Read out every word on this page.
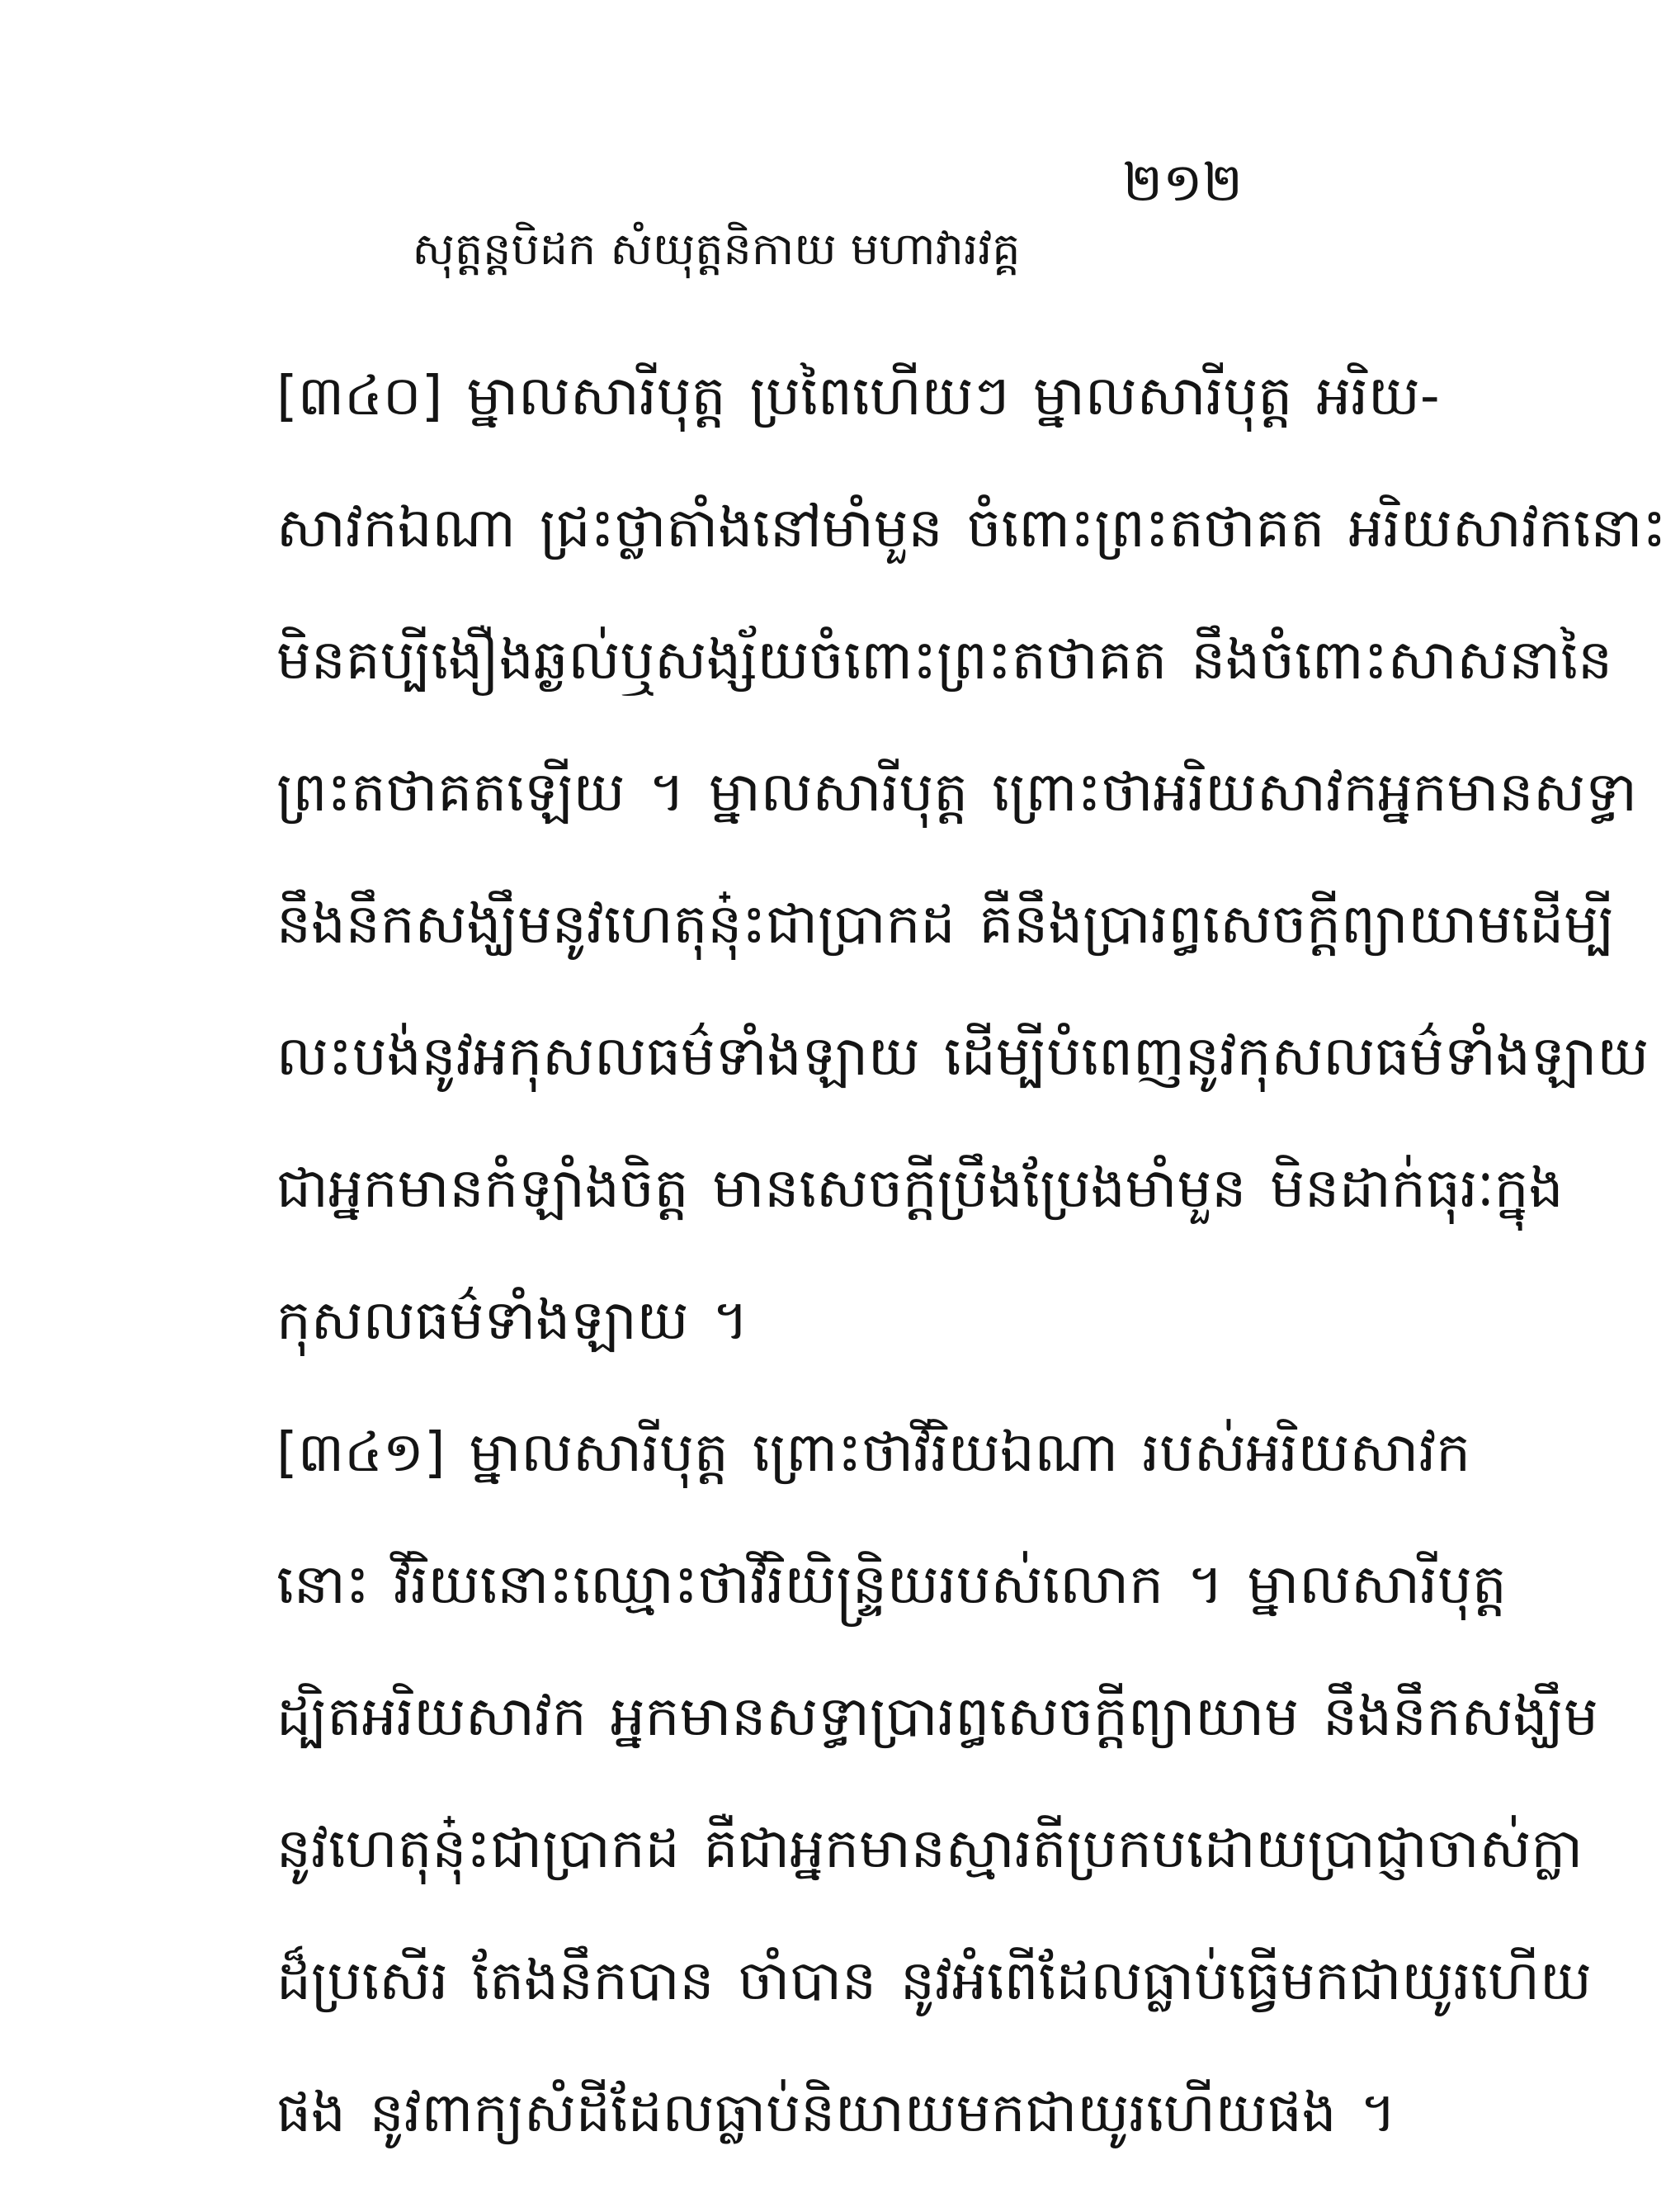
២១២
សុត្តន្តបិដក សំយុត្តនិកាយ មហាវារវគ្គ
[៣៤០] ម្នាលសារីបុត្ត ប្រពៃហើយៗ ម្នាលសារីបុត្ត អរិយ-
សាវកឯណា ជ្រះថ្លាតាំងនៅមាំមួន ចំពោះព្រះតថាគត អរិយសាវកនោះ
មិនគប្បីងឿងឆ្ងល់ឬសង្ស័យចំពោះព្រះតថាគត នឹងចំពោះសាសនានៃ
ព្រះតថាគតឡើយ ។ ម្នាលសារីបុត្ត ព្រោះថាអរិយសាវកអ្នកមានសទ្ធា
នឹងនឹកសង្ឃឹមនូវហេតុនុ៎ះជាប្រាកដ គឺនឹងប្រារព្ធសេចក្តីព្យាយាមដើម្បី
លះបង់នូវអកុសលធម៌ទាំងឡាយ ដើម្បីបំពេញនូវកុសលធម៌ទាំងឡាយ
ជាអ្នកមានកំឡាំងចិត្ត មានសេចក្តីប្រឹងប្រែងមាំមួន មិនដាក់ធុរៈក្នុង
កុសលធម៌ទាំងឡាយ ។
[៣៤១] ម្នាលសារីបុត្ត ព្រោះថាវីរិយឯណា របស់អរិយសាវក
នោះ វីរិយនោះឈ្មោះថាវីរិយិន្ទ្រិយរបស់លោក ។ ម្នាលសារីបុត្ត
ដ្បិតអរិយសាវក អ្នកមានសទ្ធាប្រារព្ធសេចក្តីព្យាយាម នឹងនឹកសង្ឃឹម
នូវហេតុនុ៎ះជាប្រាកដ គឺជាអ្នកមានស្មារតីប្រកបដោយប្រាជ្ញាចាស់ក្លា
ដ៏ប្រសើរ តែងនឹកបាន ចាំបាន នូវអំពើដែលធ្លាប់ធ្វើមកជាយូរហើយ
ផង នូវពាក្យសំដីដែលធ្លាប់និយាយមកជាយូរហើយផង ។
